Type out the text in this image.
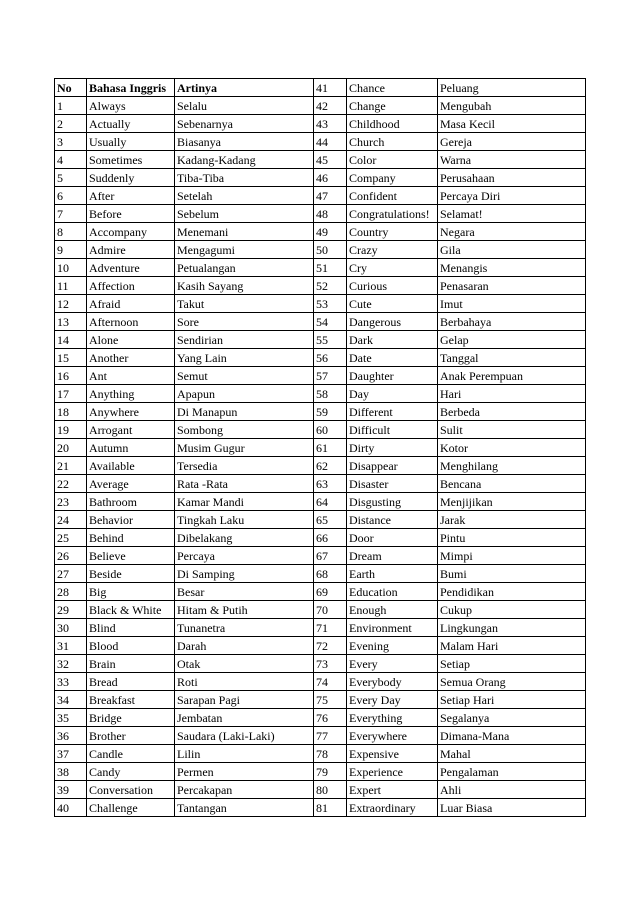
No	Bahasa Inggris	Artinya	41	Chance	Peluang
1	Always	Selalu	42	Change	Mengubah
2	Actually	Sebenarnya	43	Childhood	Masa Kecil
3	Usually	Biasanya	44	Church	Gereja
4	Sometimes	Kadang-Kadang	45	Color	Warna
5	Suddenly	Tiba-Tiba	46	Company	Perusahaan
6	After	Setelah	47	Confident	Percaya Diri
7	Before	Sebelum	48	Congratulations!	Selamat!
8	Accompany	Menemani	49	Country	Negara
9	Admire	Mengagumi	50	Crazy	Gila
10	Adventure	Petualangan	51	Cry	Menangis
11	Affection	Kasih Sayang	52	Curious	Penasaran
12	Afraid	Takut	53	Cute	Imut
13	Afternoon	Sore	54	Dangerous	Berbahaya
14	Alone	Sendirian	55	Dark	Gelap
15	Another	Yang Lain	56	Date	Tanggal
16	Ant	Semut	57	Daughter	Anak Perempuan
17	Anything	Apapun	58	Day	Hari
18	Anywhere	Di Manapun	59	Different	Berbeda
19	Arrogant	Sombong	60	Difficult	Sulit
20	Autumn	Musim Gugur	61	Dirty	Kotor
21	Available	Tersedia	62	Disappear	Menghilang
22	Average	Rata -Rata	63	Disaster	Bencana
23	Bathroom	Kamar Mandi	64	Disgusting	Menjijikan
24	Behavior	Tingkah Laku	65	Distance	Jarak
25	Behind	Dibelakang	66	Door	Pintu
26	Believe	Percaya	67	Dream	Mimpi
27	Beside	Di Samping	68	Earth	Bumi
28	Big	Besar	69	Education	Pendidikan
29	Black & White	Hitam & Putih	70	Enough	Cukup
30	Blind	Tunanetra	71	Environment	Lingkungan
31	Blood	Darah	72	Evening	Malam Hari
32	Brain	Otak	73	Every	Setiap
33	Bread	Roti	74	Everybody	Semua Orang
34	Breakfast	Sarapan Pagi	75	Every Day	Setiap Hari
35	Bridge	Jembatan	76	Everything	Segalanya
36	Brother	Saudara (Laki-Laki)	77	Everywhere	Dimana-Mana
37	Candle	Lilin	78	Expensive	Mahal
38	Candy	Permen	79	Experience	Pengalaman
39	Conversation	Percakapan	80	Expert	Ahli
40	Challenge	Tantangan	81	Extraordinary	Luar Biasa
